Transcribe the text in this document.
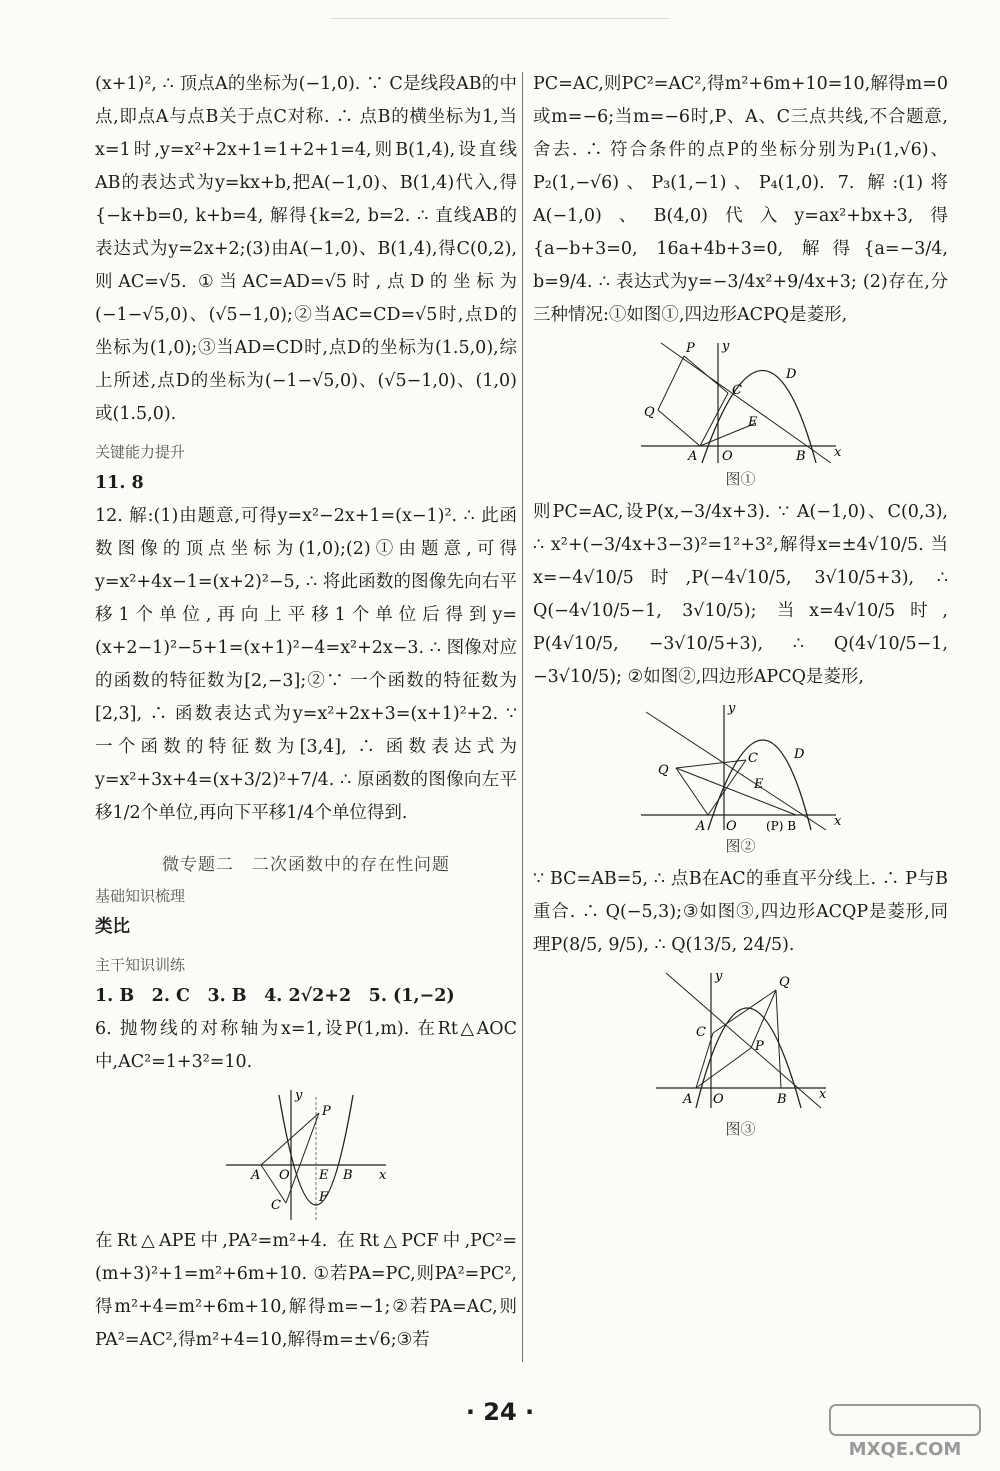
(x+1)², ∴ 顶点A的坐标为(−1,0). ∵ C是线段AB的中点,即点A与点B关于点C对称. ∴ 点B的横坐标为1,当x=1时,y=x²+2x+1=1+2+1=4,则B(1,4),设直线AB的表达式为y=kx+b,把A(−1,0)、B(1,4)代入,得{−k+b=0, k+b=4, 解得{k=2, b=2. ∴ 直线AB的表达式为y=2x+2;(3)由A(−1,0)、B(1,4),得C(0,2),则AC=√5. ①当AC=AD=√5时,点D的坐标为(−1−√5,0)、(√5−1,0);②当AC=CD=√5时,点D的坐标为(1,0);③当AD=CD时,点D的坐标为(1.5,0),综上所述,点D的坐标为(−1−√5,0)、(√5−1,0)、(1,0)或(1.5,0).

关键能力提升

11. 8

12. 解:(1)由题意,可得y=x²−2x+1=(x−1)². ∴ 此函数图像的顶点坐标为(1,0);(2)①由题意,可得y=x²+4x−1=(x+2)²−5, ∴ 将此函数的图像先向右平移1个单位,再向上平移1个单位后得到y=(x+2−1)²−5+1=(x+1)²−4=x²+2x−3. ∴ 图像对应的函数的特征数为[2,−3];②∵ 一个函数的特征数为[2,3], ∴ 函数表达式为y=x²+2x+3=(x+1)²+2. ∵ 一个函数的特征数为[3,4], ∴ 函数表达式为y=x²+3x+4=(x+3/2)²+7/4. ∴ 原函数的图像向左平移1/2个单位,再向下平移1/4个单位得到.

微专题二　二次函数中的存在性问题
基础知识梳理

类比

主干知识训练

1. B　2. C　3. B　4. 2√2+2　5. (1,−2)

6. 抛物线的对称轴为x=1,设P(1,m). 在Rt△AOC中,AC²=1+3²=10.

A O E B
P
C
F
x
y

在Rt△APE中,PA²=m²+4. 在Rt△PCF中,PC²=(m+3)²+1=m²+6m+10. ①若PA=PC,则PA²=PC²,得m²+4=m²+6m+10,解得m=−1;②若PA=AC,则PA²=AC²,得m²+4=10,解得m=±√6;③若

PC=AC,则PC²=AC²,得m²+6m+10=10,解得m=0或m=−6;当m=−6时,P、A、C三点共线,不合题意,舍去. ∴ 符合条件的点P的坐标分别为P₁(1,√6)、P₂(1,−√6)、P₃(1,−1)、P₄(1,0). 7. 解:(1)将A(−1,0)、B(4,0)代入y=ax²+bx+3,得{a−b+3=0, 16a+4b+3=0, 解得{a=−3/4, b=9/4. ∴ 表达式为y=−3/4x²+9/4x+3; (2)存在,分三种情况:①如图①,四边形ACPQ是菱形,

P
Q
C
D
E
A O	B x
y
图①

则PC=AC,设P(x,−3/4x+3). ∵ A(−1,0)、C(0,3), ∴ x²+(−3/4x+3−3)²=1²+3²,解得x=±4√10/5. 当x=−4√10/5时,P(−4√10/5, 3√10/5+3), ∴ Q(−4√10/5−1, 3√10/5); 当x=4√10/5时, P(4√10/5, −3√10/5+3), ∴ Q(4√10/5−1, −3√10/5); ②如图②,四边形APCQ是菱形,

C	D
E
Q
A O (P) B	x
y
图②

∵ BC=AB=5, ∴ 点B在AC的垂直平分线上. ∴ P与B重合. ∴ Q(−5,3);③如图③,四边形ACQP是菱形,同理P(8/5, 9/5), ∴ Q(13/5, 24/5).

Q
C
P
A O	B x
y
图③
· 24 ·
MXQE.COM
